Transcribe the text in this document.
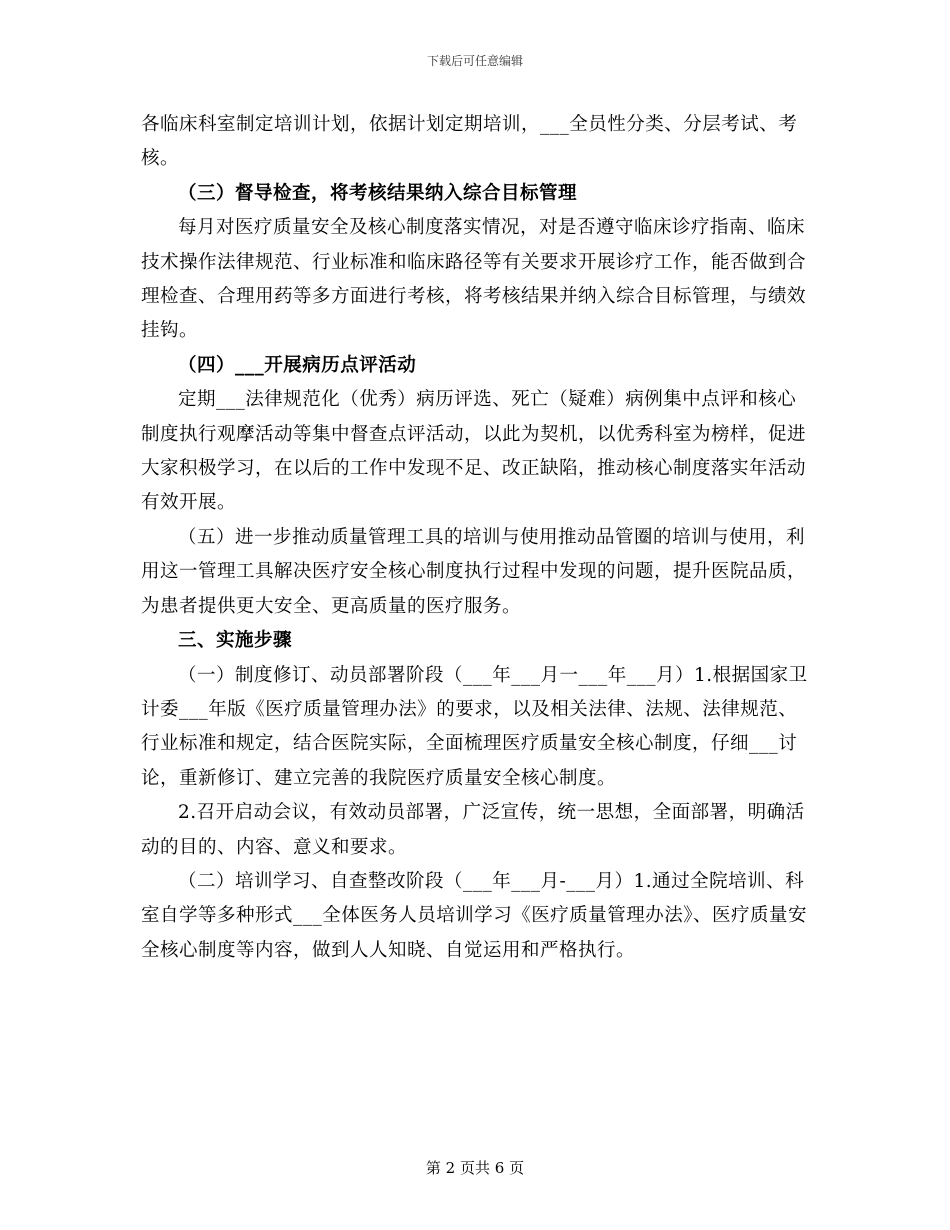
下载后可任意编辑

各临床科室制定培训计划，依据计划定期培训，___全员性分类、分层考试、考核。

（三）督导检查，将考核结果纳入综合目标管理

每月对医疗质量安全及核心制度落实情况，对是否遵守临床诊疗指南、临床技术操作法律规范、行业标准和临床路径等有关要求开展诊疗工作，能否做到合理检查、合理用药等多方面进行考核，将考核结果并纳入综合目标管理，与绩效挂钩。

（四）___开展病历点评活动

定期___法律规范化（优秀）病历评选、死亡（疑难）病例集中点评和核心制度执行观摩活动等集中督查点评活动，以此为契机，以优秀科室为榜样，促进大家积极学习，在以后的工作中发现不足、改正缺陷，推动核心制度落实年活动有效开展。

（五）进一步推动质量管理工具的培训与使用推动品管圈的培训与使用，利用这一管理工具解决医疗安全核心制度执行过程中发现的问题，提升医院品质，为患者提供更大安全、更高质量的医疗服务。

三、实施步骤

（一）制度修订、动员部署阶段（___年___月一___年___月）1.根据国家卫计委___年版《医疗质量管理办法》的要求，以及相关法律、法规、法律规范、行业标准和规定，结合医院实际，全面梳理医疗质量安全核心制度，仔细___讨论，重新修订、建立完善的我院医疗质量安全核心制度。

2.召开启动会议，有效动员部署，广泛宣传，统一思想，全面部署，明确活动的目的、内容、意义和要求。

（二）培训学习、自查整改阶段（___年___月-___月）1.通过全院培训、科室自学等多种形式___全体医务人员培训学习《医疗质量管理办法》、医疗质量安全核心制度等内容，做到人人知晓、自觉运用和严格执行。

第 2 页共 6 页
